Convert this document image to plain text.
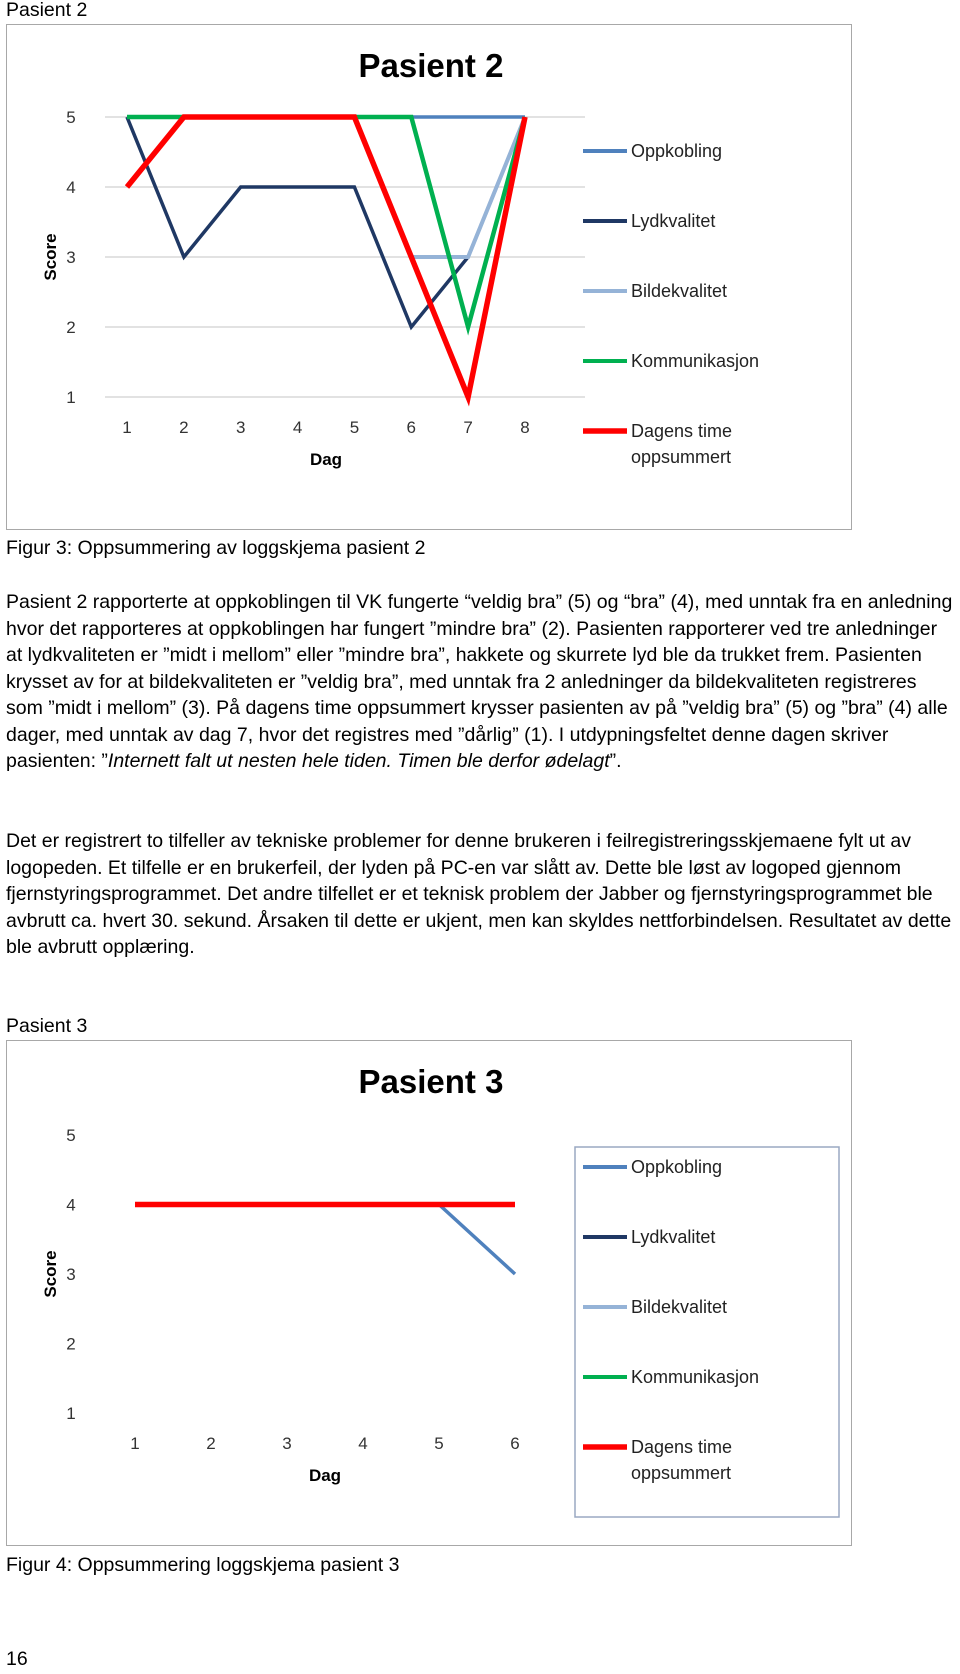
Pasient 2
Pasient 2
1
2
3
4
5
1	2	3	4	5	6	7	8
Score
Dag
Oppkobling
Lydkvalitet
Bildekvalitet
Kommunikasjon
Dagens time
oppsummert
Figur 3: Oppsummering av loggskjema pasient 2

Pasient 2 rapporterte at oppkoblingen til VK fungerte “veldig bra” (5) og “bra” (4), med unntak fra en anledning hvor det rapporteres at oppkoblingen har fungert ”mindre bra” (2). Pasienten rapporterer ved tre anledninger at lydkvaliteten er ”midt i mellom” eller ”mindre bra”, hakkete og skurrete lyd ble da trukket frem. Pasienten krysset av for at bildekvaliteten er ”veldig bra”, med unntak fra 2 anledninger da bildekvaliteten registreres som ”midt i mellom” (3). På dagens time oppsummert krysser pasienten av på ”veldig bra” (5) og ”bra” (4) alle dager, med unntak av dag 7, hvor det registres med ”dårlig” (1). I utdypningsfeltet denne dagen skriver pasienten: ”Internett falt ut nesten hele tiden. Timen ble derfor ødelagt”.

Det er registrert to tilfeller av tekniske problemer for denne brukeren i feilregistreringsskjemaene fylt ut av logopeden. Et tilfelle er en brukerfeil, der lyden på PC-en var slått av. Dette ble løst av logoped gjennom fjernstyringsprogrammet. Det andre tilfellet er et teknisk problem der Jabber og fjernstyringsprogrammet ble avbrutt ca. hvert 30. sekund. Årsaken til dette er ukjent, men kan skyldes nettforbindelsen. Resultatet av dette ble avbrutt opplæring.

Pasient 3
Pasient 3
1
2
3
4
5
1	2	3	4	5	6
Score
Dag
Oppkobling
Lydkvalitet
Bildekvalitet
Kommunikasjon
Dagens time
oppsummert
Figur 4: Oppsummering loggskjema pasient 3
16
